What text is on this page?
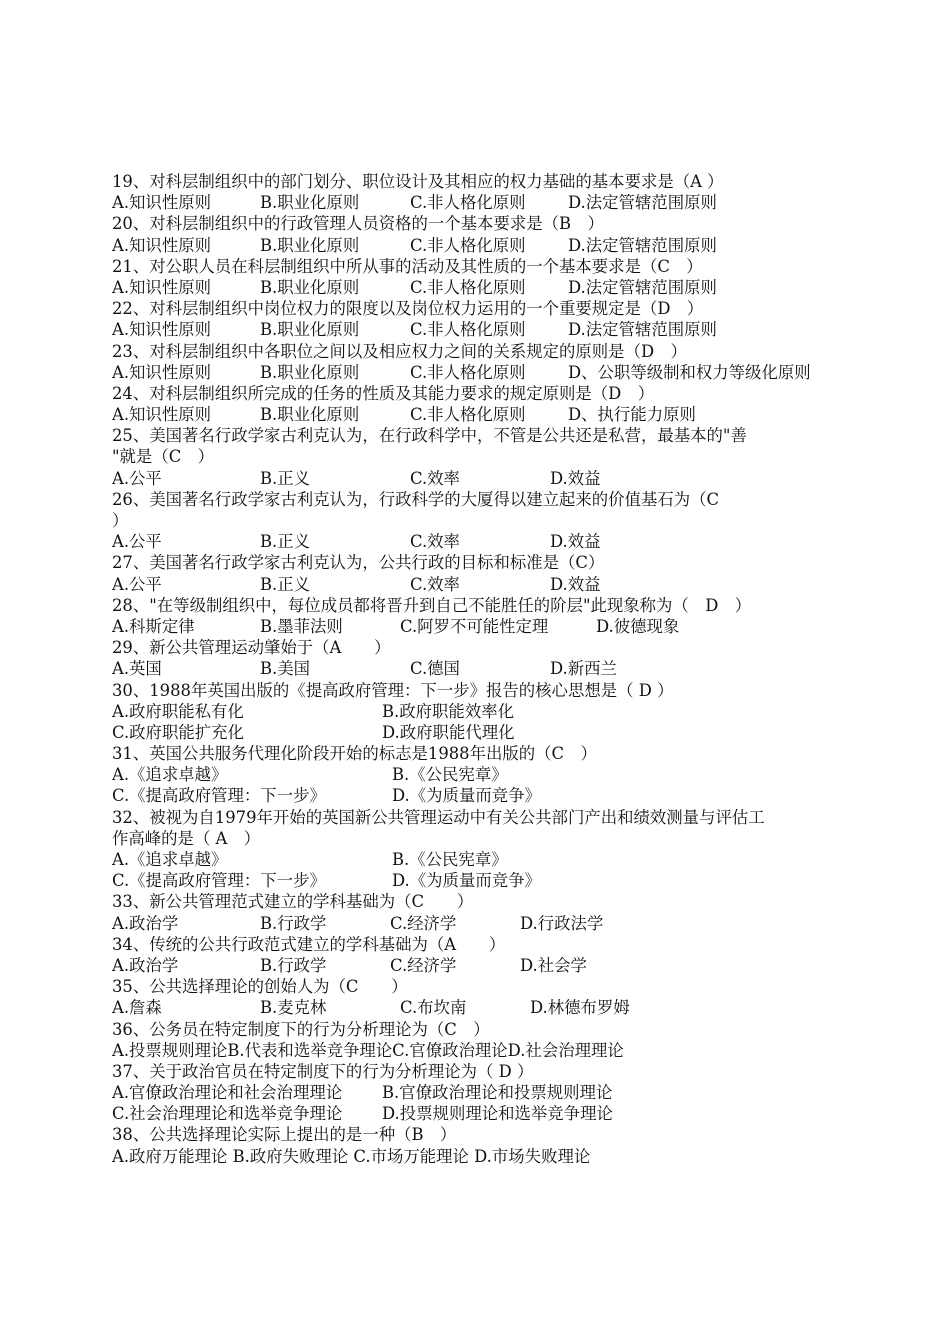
19、对科层制组织中的部门划分、职位设计及其相应的权力基础的基本要求是（A ）
A.知识性原则	B.职业化原则	C.非人格化原则	D.法定管辖范围原则
20、对科层制组织中的行政管理人员资格的一个基本要求是（B　）
A.知识性原则	B.职业化原则	C.非人格化原则	D.法定管辖范围原则
21、对公职人员在科层制组织中所从事的活动及其性质的一个基本要求是（C　）
A.知识性原则	B.职业化原则	C.非人格化原则	D.法定管辖范围原则
22、对科层制组织中岗位权力的限度以及岗位权力运用的一个重要规定是（D　）
A.知识性原则	B.职业化原则	C.非人格化原则	D.法定管辖范围原则
23、对科层制组织中各职位之间以及相应权力之间的关系规定的原则是（D　）
A.知识性原则	B.职业化原则	C.非人格化原则	D、公职等级制和权力等级化原则
24、对科层制组织所完成的任务的性质及其能力要求的规定原则是（D　）
A.知识性原则	B.职业化原则	C.非人格化原则	D、执行能力原则
25、美国著名行政学家古利克认为，在行政科学中，不管是公共还是私营，最基本的"善
"就是（C　）
A.公平	B.正义	C.效率	D.效益
26、美国著名行政学家古利克认为，行政科学的大厦得以建立起来的价值基石为（C
）
A.公平	B.正义	C.效率	D.效益
27、美国著名行政学家古利克认为，公共行政的目标和标准是（C）
A.公平	B.正义	C.效率	D.效益
28、"在等级制组织中，每位成员都将晋升到自己不能胜任的阶层"此现象称为（　D　）
A.科斯定律	B.墨菲法则	C.阿罗不可能性定理	D.彼德现象
29、新公共管理运动肇始于（A　　）
A.英国	B.美国	C.德国	D.新西兰
30、1988年英国出版的《提高政府管理：下一步》报告的核心思想是（ D ）
A.政府职能私有化	B.政府职能效率化
C.政府职能扩充化	D.政府职能代理化
31、英国公共服务代理化阶段开始的标志是1988年出版的（C　）
A.《追求卓越》	B.《公民宪章》
C.《提高政府管理：下一步》	D.《为质量而竞争》
32、被视为自1979年开始的英国新公共管理运动中有关公共部门产出和绩效测量与评估工
作高峰的是（ A　）
A.《追求卓越》	B.《公民宪章》
C.《提高政府管理：下一步》	D.《为质量而竞争》
33、新公共管理范式建立的学科基础为（C　　）
A.政治学	B.行政学	C.经济学	D.行政法学
34、传统的公共行政范式建立的学科基础为（A　　）
A.政治学	B.行政学	C.经济学	D.社会学
35、公共选择理论的创始人为（C　　）
A.詹森	B.麦克林	C.布坎南	D.林德布罗姆
36、公务员在特定制度下的行为分析理论为（C　）
A.投票规则理论B.代表和选举竞争理论C.官僚政治理论D.社会治理理论
37、关于政治官员在特定制度下的行为分析理论为（ D ）
A.官僚政治理论和社会治理理论	B.官僚政治理论和投票规则理论
C.社会治理理论和选举竞争理论	D.投票规则理论和选举竞争理论
38、公共选择理论实际上提出的是一种（B　）
A.政府万能理论 B.政府失败理论 C.市场万能理论 D.市场失败理论
